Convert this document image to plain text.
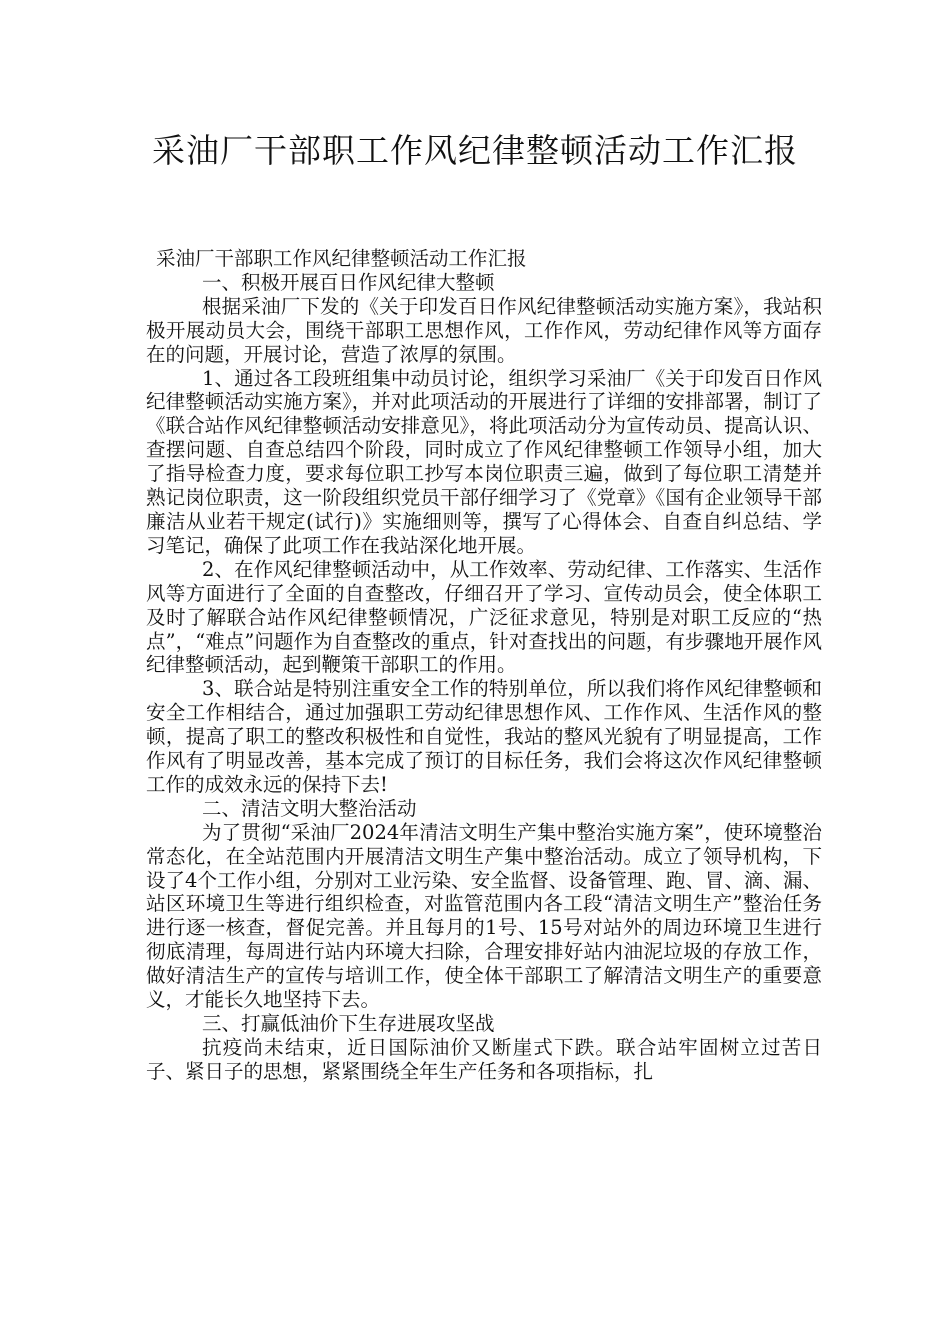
采油厂干部职工作风纪律整顿活动工作汇报

采油厂干部职工作风纪律整顿活动工作汇报

一、积极开展百日作风纪律大整顿

根据采油厂下发的《关于印发百日作风纪律整顿活动实施方案》，我站积极开展动员大会，围绕干部职工思想作风，工作作风，劳动纪律作风等方面存在的问题，开展讨论，营造了浓厚的氛围。

1、通过各工段班组集中动员讨论，组织学习采油厂《关于印发百日作风纪律整顿活动实施方案》，并对此项活动的开展进行了详细的安排部署，制订了《联合站作风纪律整顿活动安排意见》，将此项活动分为宣传动员、提高认识、查摆问题、自查总结四个阶段，同时成立了作风纪律整顿工作领导小组，加大了指导检查力度，要求每位职工抄写本岗位职责三遍，做到了每位职工清楚并熟记岗位职责，这一阶段组织党员干部仔细学习了《党章》《国有企业领导干部廉洁从业若干规定(试行)》实施细则等，撰写了心得体会、自查自纠总结、学习笔记，确保了此项工作在我站深化地开展。

2、在作风纪律整顿活动中，从工作效率、劳动纪律、工作落实、生活作风等方面进行了全面的自查整改，仔细召开了学习、宣传动员会，使全体职工及时了解联合站作风纪律整顿情况，广泛征求意见，特别是对职工反应的“热点”，“难点”问题作为自查整改的重点，针对查找出的问题，有步骤地开展作风纪律整顿活动，起到鞭策干部职工的作用。

3、联合站是特别注重安全工作的特别单位，所以我们将作风纪律整顿和安全工作相结合，通过加强职工劳动纪律思想作风、工作作风、生活作风的整顿，提高了职工的整改积极性和自觉性，我站的整风光貌有了明显提高，工作作风有了明显改善，基本完成了预订的目标任务，我们会将这次作风纪律整顿工作的成效永远的保持下去!

二、清洁文明大整治活动

为了贯彻“采油厂2024年清洁文明生产集中整治实施方案”，使环境整治常态化，在全站范围内开展清洁文明生产集中整治活动。成立了领导机构，下设了4个工作小组，分别对工业污染、安全监督、设备管理、跑、冒、滴、漏、站区环境卫生等进行组织检查，对监管范围内各工段“清洁文明生产”整治任务进行逐一核查，督促完善。并且每月的1号、15号对站外的周边环境卫生进行彻底清理，每周进行站内环境大扫除，合理安排好站内油泥垃圾的存放工作，做好清洁生产的宣传与培训工作，使全体干部职工了解清洁文明生产的重要意义，才能长久地坚持下去。

三、打赢低油价下生存进展攻坚战

抗疫尚未结束，近日国际油价又断崖式下跌。联合站牢固树立过苦日子、紧日子的思想，紧紧围绕全年生产任务和各项指标，扎
